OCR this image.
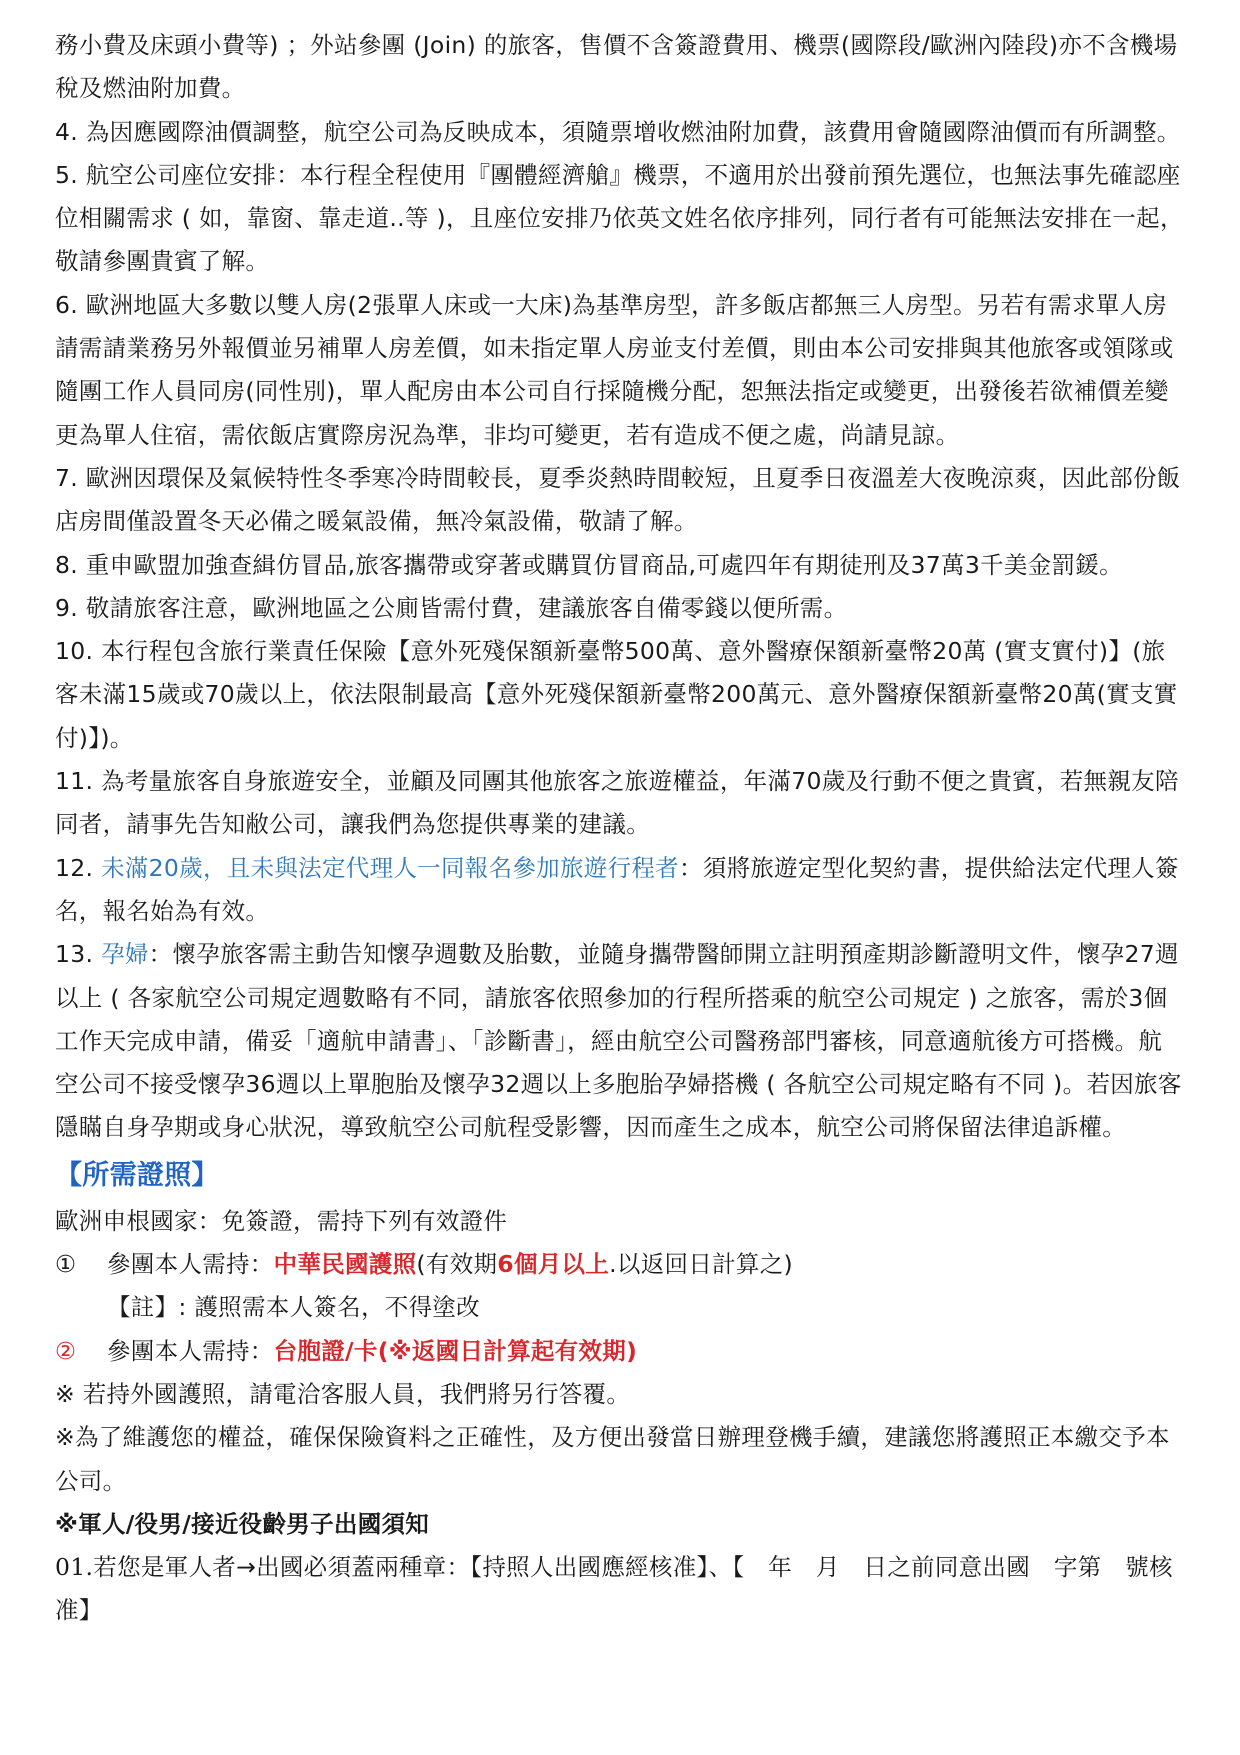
務小費及床頭小費等) ；外站參團 (Join) 的旅客，售價不含簽證費用、機票(國際段/歐洲內陸段)亦不含機場稅及燃油附加費。

4. 為因應國際油價調整，航空公司為反映成本，須隨票增收燃油附加費，該費用會隨國際油價而有所調整。

5. 航空公司座位安排：本行程全程使用『團體經濟艙』機票，不適用於出發前預先選位，也無法事先確認座位相關需求 ( 如，靠窗、靠走道..等 )，且座位安排乃依英文姓名依序排列，同行者有可能無法安排在一起，敬請參團貴賓了解。

6. 歐洲地區大多數以雙人房(2張單人床或一大床)為基準房型，許多飯店都無三人房型。另若有需求單人房請需請業務另外報價並另補單人房差價，如未指定單人房並支付差價，則由本公司安排與其他旅客或領隊或隨團工作人員同房(同性別)，單人配房由本公司自行採隨機分配，恕無法指定或變更，出發後若欲補價差變更為單人住宿，需依飯店實際房況為準，非均可變更，若有造成不便之處，尚請見諒。

7. 歐洲因環保及氣候特性冬季寒冷時間較長，夏季炎熱時間較短，且夏季日夜溫差大夜晚涼爽，因此部份飯店房間僅設置冬天必備之暖氣設備，無冷氣設備，敬請了解。

8. 重申歐盟加強查緝仿冒品,旅客攜帶或穿著或購買仿冒商品,可處四年有期徒刑及37萬3千美金罰鍰。

9. 敬請旅客注意，歐洲地區之公廁皆需付費，建議旅客自備零錢以便所需。

10. 本行程包含旅行業責任保險【意外死殘保額新臺幣500萬、意外醫療保額新臺幣20萬 (實支實付)】(旅客未滿15歲或70歲以上，依法限制最高【意外死殘保額新臺幣200萬元、意外醫療保額新臺幣20萬(實支實付)】)。

11. 為考量旅客自身旅遊安全，並顧及同團其他旅客之旅遊權益，年滿70歲及行動不便之貴賓，若無親友陪同者，請事先告知敝公司，讓我們為您提供專業的建議。

12. 未滿20歲，且未與法定代理人一同報名參加旅遊行程者：須將旅遊定型化契約書，提供給法定代理人簽名，報名始為有效。

13. 孕婦：懷孕旅客需主動告知懷孕週數及胎數，並隨身攜帶醫師開立註明預產期診斷證明文件，懷孕27週以上 ( 各家航空公司規定週數略有不同，請旅客依照參加的行程所搭乘的航空公司規定 ) 之旅客，需於3個工作天完成申請，備妥「適航申請書」、「診斷書」，經由航空公司醫務部門審核，同意適航後方可搭機。航空公司不接受懷孕36週以上單胞胎及懷孕32週以上多胞胎孕婦搭機 ( 各航空公司規定略有不同 )。若因旅客隱瞞自身孕期或身心狀況，導致航空公司航程受影響，因而產生之成本，航空公司將保留法律追訴權。

【所需證照】

歐洲申根國家：免簽證，需持下列有效證件

① 參團本人需持：中華民國護照(有效期6個月以上.以返回日計算之)

【註】: 護照需本人簽名，不得塗改

② 參團本人需持：台胞證/卡(※返國日計算起有效期)

※ 若持外國護照，請電洽客服人員，我們將另行答覆。

※為了維護您的權益，確保保險資料之正確性，及方便出發當日辦理登機手續，建議您將護照正本繳交予本公司。

※軍人/役男/接近役齡男子出國須知

01.若您是軍人者→出國必須蓋兩種章：【持照人出國應經核准】、【　年　月　日之前同意出國　字第　號核准】
